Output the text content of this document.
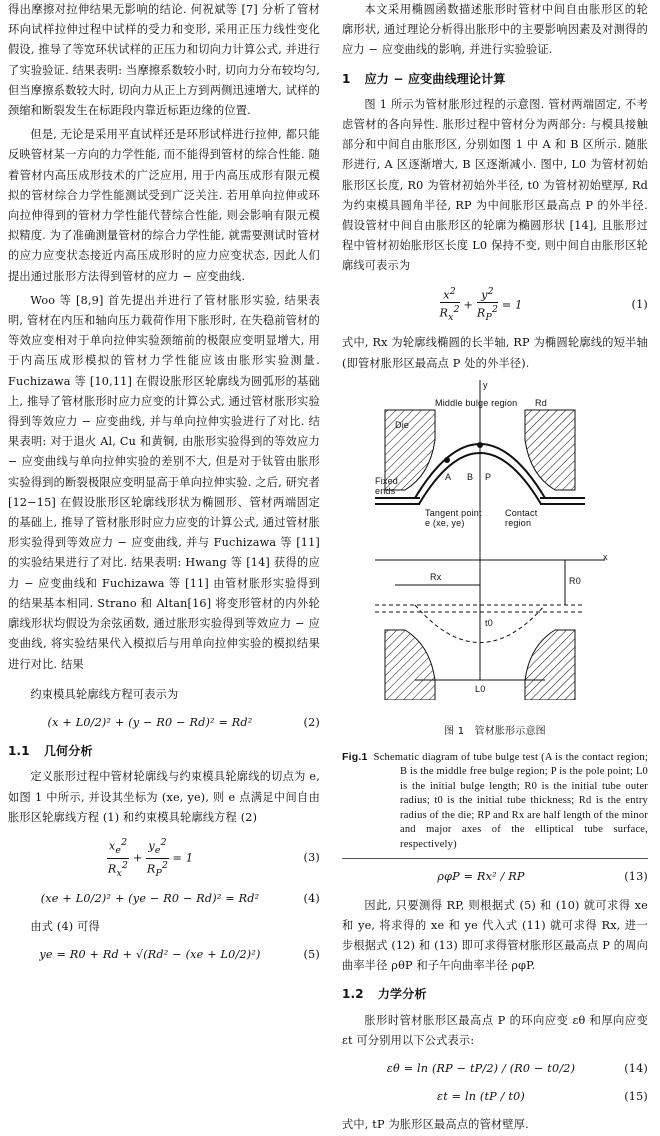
得出摩擦对拉伸结果无影响的结论. 何祝斌等 [7] 分析了管材环向试样拉伸过程中试样的受力和变形, 采用正压力线性变化假设, 推导了等宽环状试样的正压力和切向力计算公式, 并进行了实验验证. 结果表明: 当摩擦系数较小时, 切向力分布较均匀, 但当摩擦系数较大时, 切向力从正上方到两侧迅速增大, 试样的颈缩和断裂发生在标距段内靠近标距边缘的位置.

但是, 无论是采用平直试样还是环形试样进行拉伸, 都只能反映管材某一方向的力学性能, 而不能得到管材的综合性能. 随着管材内高压成形技术的广泛应用, 用于内高压成形有限元模拟的管材综合力学性能测试受到广泛关注. 若用单向拉伸或环向拉伸得到的管材力学性能代替综合性能, 则会影响有限元模拟精度. 为了准确测量管材的综合力学性能, 就需要测试时管材的应力应变状态接近内高压成形时的应力应变状态, 因此人们提出通过胀形方法得到管材的应力 − 应变曲线.

Woo 等 [8,9] 首先提出并进行了管材胀形实验, 结果表明, 管材在内压和轴向压力载荷作用下胀形时, 在失稳前管材的等效应变相对于单向拉伸实验颈缩前的极限应变明显增大, 用于内高压成形模拟的管材力学性能应该由胀形实验测量. Fuchizawa 等 [10,11] 在假设胀形区轮廓线为圆弧形的基础上, 推导了管材胀形时应力应变的计算公式, 通过管材胀形实验得到等效应力 − 应变曲线, 并与单向拉伸实验进行了对比. 结果表明: 对于退火 Al, Cu 和黄铜, 由胀形实验得到的等效应力 − 应变曲线与单向拉伸实验的差别不大, 但是对于钛管由胀形实验得到的断裂极限应变明显高于单向拉伸实验. 之后, 研究者 [12−15] 在假设胀形区轮廓线形状为椭圆形、管材两端固定的基础上, 推导了管材胀形时应力应变的计算公式, 通过管材胀形实验得到等效应力 − 应变曲线, 并与 Fuchizawa 等 [11] 的实验结果进行了对比. 结果表明: Hwang 等 [14] 获得的应力 − 应变曲线和 Fuchizawa 等 [11] 由管材胀形实验得到的结果基本相同. Strano 和 Altan[16] 将变形管材的内外轮廓线形状均假设为余弦函数, 通过胀形实验得到等效应力 − 应变曲线, 将实验结果代入模拟后与用单向拉伸实验的模拟结果进行对比. 结果

约束模具轮廓线方程可表示为

(x + L0/2)² + (y − R0 − Rd)² = Rd²	(2)
1.1 几何分析

定义胀形过程中管材轮廓线与约束模具轮廓线的切点为 e, 如图 1 中所示, 并设其坐标为 (xe, ye), 则 e 点满足中间自由胀形区轮廓线方程 (1) 和约束模具轮廓线方程 (2)

$\frac{x_e^2}{R_x^2} + \frac{y_e^2}{R_P^2} = 1$	(3)
(xe + L0/2)² + (ye − R0 − Rd)² = Rd²	(4)

由式 (4) 可得

ye = R0 + Rd + √(Rd² − (xe + L0/2)²)	(5)

本文采用椭圆函数描述胀形时管材中间自由胀形区的轮廓形状, 通过理论分析得出胀形中的主要影响因素及对测得的应力 − 应变曲线的影响, 并进行实验验证.

1 应力 − 应变曲线理论计算

图 1 所示为管材胀形过程的示意图. 管材两端固定, 不考虑管材的各向异性. 胀形过程中管材分为两部分: 与模具接触部分和中间自由胀形区, 分别如图 1 中 A 和 B 区所示. 随胀形进行, A 区逐渐增大, B 区逐渐减小. 图中, L0 为管材初始胀形区长度, R0 为管材初始外半径, t0 为管材初始壁厚, Rd 为约束模具圆角半径, RP 为中间胀形区最高点 P 的外半径. 假设管材中间自由胀形区的轮廓为椭圆形状 [14], 且胀形过程中管材初始胀形区长度 L0 保持不变, 则中间自由胀形区轮廓线可表示为

$\frac{x^2}{R_x^2} + \frac{y^2}{R_P^2} = 1$	(1)

式中, Rx 为轮廓线椭圆的长半轴, RP 为椭圆轮廓线的短半轴 (即管材胀形区最高点 P 处的外半径).

y
x
Middle bulge region Rd
Die
A B P
Fixed ends
Tangent point e (xe, ye)
Contact region
Rx	R0
t0
L0
图 1　管材胀形示意图

Fig.1 Schematic diagram of tube bulge test (A is the contact region; B is the middle free bulge region; P is the pole point; L0 is the initial bulge length; R0 is the initial tube outer radius; t0 is the initial tube thickness; Rd is the entry radius of the die; RP and Rx are half length of the minor and major axes of the elliptical tube surface, respectively)

ρφP = Rx² / RP	(13)

因此, 只要测得 RP, 则根据式 (5) 和 (10) 就可求得 xe 和 ye, 将求得的 xe 和 ye 代入式 (11) 就可求得 Rx, 进一步根据式 (12) 和 (13) 即可求得管材胀形区最高点 P 的周向曲率半径 ρθP 和子午向曲率半径 ρφP.

1.2 力学分析

胀形时管材胀形区最高点 P 的环向应变 εθ 和厚向应变 εt 可分别用以下公式表示:

εθ = ln (RP − tP/2) / (R0 − t0/2)	(14)
εt = ln (tP / t0)	(15)

式中, tP 为胀形区最高点的管材壁厚.
